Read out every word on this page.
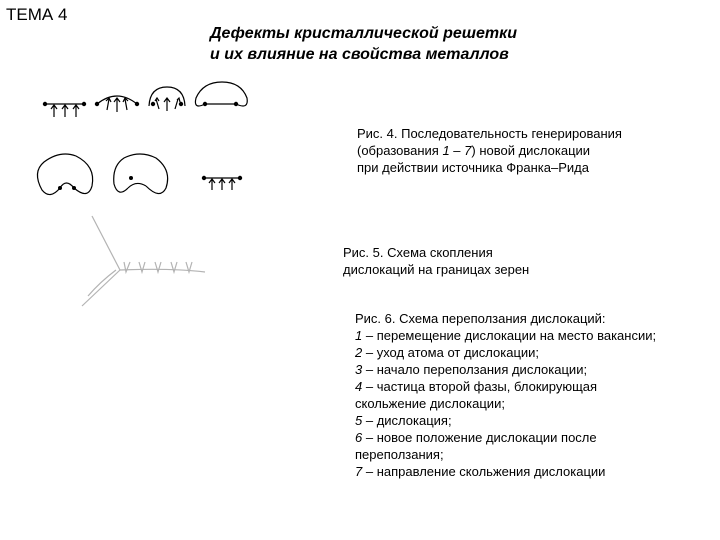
ТЕМА 4
Дефекты кристаллической решетки
и их влияние на свойства металлов
Рис. 4. Последовательность генерирования
(образования 1 – 7) новой дислокации
при действии источника Франка–Рида
Рис. 5. Схема скопления
дислокаций на границах зерен
Рис. 6. Схема переползания дислокаций:
1 – перемещение дислокации на место вакансии;
2 – уход атома от дислокации;
3 – начало переползания дислокации;
4 – частица второй фазы, блокирующая
скольжение дислокации;
5 – дислокация;
6 – новое положение дислокации после
переползания;
7 – направление скольжения дислокации
